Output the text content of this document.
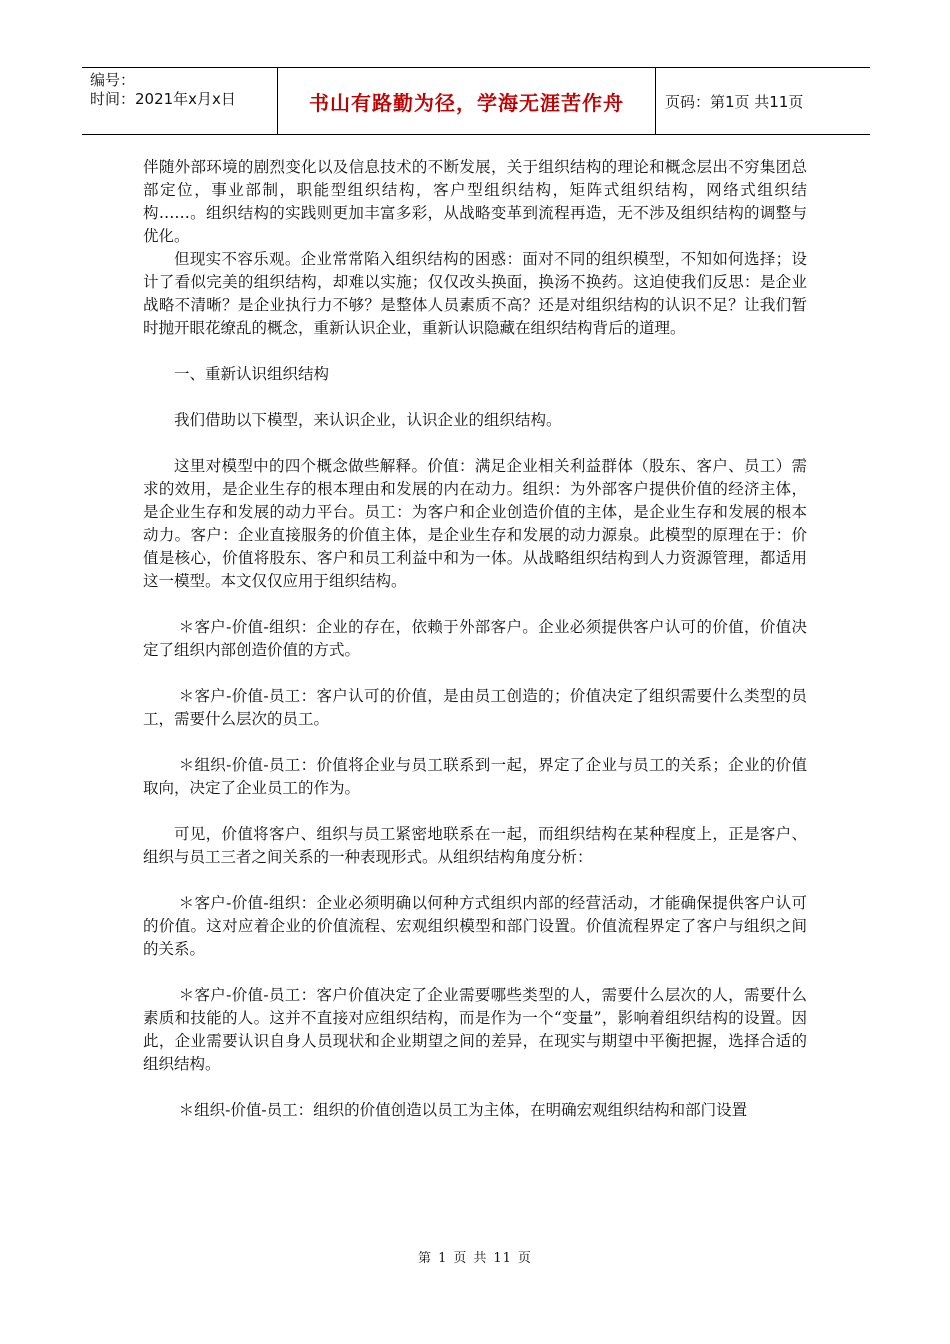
编号：
时间：2021年x月x日	书山有路勤为径，学海无涯苦作舟	页码：第1页 共11页

伴随外部环境的剧烈变化以及信息技术的不断发展，关于组织结构的理论和概念层出不穷集团总部定位，事业部制，职能型组织结构，客户型组织结构，矩阵式组织结构，网络式组织结构……。组织结构的实践则更加丰富多彩，从战略变革到流程再造，无不涉及组织结构的调整与优化。

但现实不容乐观。企业常常陷入组织结构的困惑：面对不同的组织模型，不知如何选择；设计了看似完美的组织结构，却难以实施；仅仅改头换面，换汤不换药。这迫使我们反思：是企业战略不清晰？是企业执行力不够？是整体人员素质不高？还是对组织结构的认识不足？让我们暂时抛开眼花缭乱的概念，重新认识企业，重新认识隐藏在组织结构背后的道理。

一、重新认识组织结构

我们借助以下模型，来认识企业，认识企业的组织结构。

这里对模型中的四个概念做些解释。价值：满足企业相关利益群体（股东、客户、员工）需求的效用，是企业生存的根本理由和发展的内在动力。组织：为外部客户提供价值的经济主体，是企业生存和发展的动力平台。员工：为客户和企业创造价值的主体，是企业生存和发展的根本动力。客户：企业直接服务的价值主体，是企业生存和发展的动力源泉。此模型的原理在于：价值是核心，价值将股东、客户和员工利益中和为一体。从战略组织结构到人力资源管理，都适用这一模型。本文仅仅应用于组织结构。

＊客户-价值-组织：企业的存在，依赖于外部客户。企业必须提供客户认可的价值，价值决定了组织内部创造价值的方式。

＊客户-价值-员工：客户认可的价值，是由员工创造的；价值决定了组织需要什么类型的员工，需要什么层次的员工。

＊组织-价值-员工：价值将企业与员工联系到一起，界定了企业与员工的关系；企业的价值取向，决定了企业员工的作为。

可见，价值将客户、组织与员工紧密地联系在一起，而组织结构在某种程度上，正是客户、组织与员工三者之间关系的一种表现形式。从组织结构角度分析：

＊客户-价值-组织：企业必须明确以何种方式组织内部的经营活动，才能确保提供客户认可的价值。这对应着企业的价值流程、宏观组织模型和部门设置。价值流程界定了客户与组织之间的关系。

＊客户-价值-员工：客户价值决定了企业需要哪些类型的人，需要什么层次的人，需要什么素质和技能的人。这并不直接对应组织结构，而是作为一个“变量”，影响着组织结构的设置。因此，企业需要认识自身人员现状和企业期望之间的差异，在现实与期望中平衡把握，选择合适的组织结构。

＊组织-价值-员工：组织的价值创造以员工为主体，在明确宏观组织结构和部门设置

第 1 页 共 11 页
